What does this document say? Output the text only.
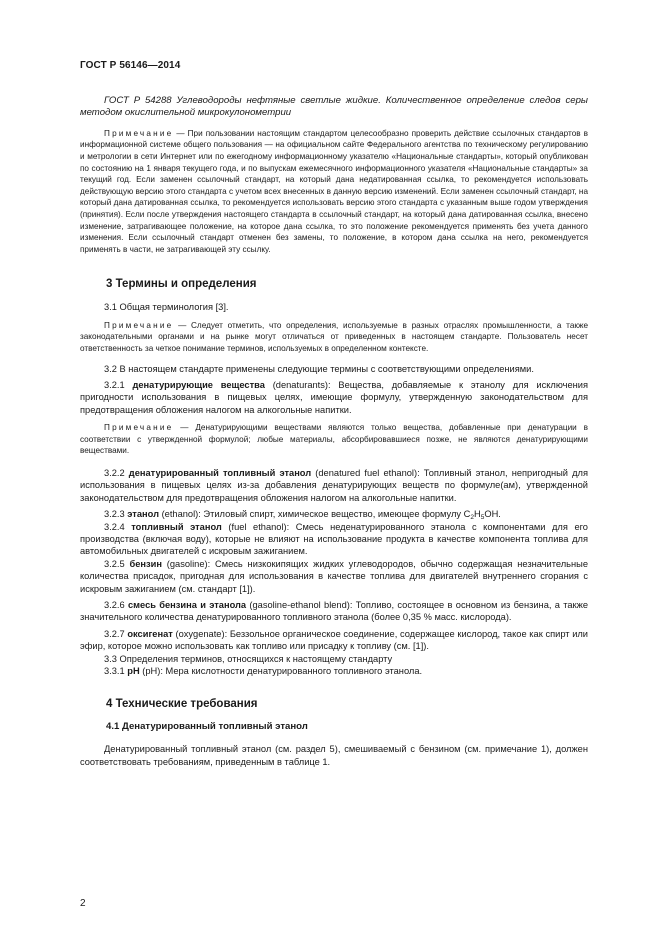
ГОСТ Р 56146—2014

ГОСТ Р 54288 Углеводороды нефтяные светлые жидкие. Количественное определение следов серы методом окислительной микрокулонометрии

Примечание — При пользовании настоящим стандартом целесообразно проверить действие ссылочных стандартов в информационной системе общего пользования — на официальном сайте Федерального агентства по техническому регулированию и метрологии в сети Интернет или по ежегодному информационному указателю «Национальные стандарты», который опубликован по состоянию на 1 января текущего года, и по выпускам ежемесячного информационного указателя «Национальные стандарты» за текущий год. Если заменен ссылочный стандарт, на который дана недатированная ссылка, то рекомендуется использовать действующую версию этого стандарта с учетом всех внесенных в данную версию изменений. Если заменен ссылочный стандарт, на который дана датированная ссылка, то рекомендуется использовать версию этого стандарта с указанным выше годом утверждения (принятия). Если после утверждения настоящего стандарта в ссылочный стандарт, на который дана датированная ссылка, внесено изменение, затрагивающее положение, на которое дана ссылка, то это положение рекомендуется применять без учета данного изменения. Если ссылочный стандарт отменен без замены, то положение, в котором дана ссылка на него, рекомендуется применять в части, не затрагивающей эту ссылку.

3 Термины и определения

3.1 Общая терминология [3].

Примечание — Следует отметить, что определения, используемые в разных отраслях промышленности, а также законодательными органами и на рынке могут отличаться от приведенных в настоящем стандарте. Пользователь несет ответственность за четкое понимание терминов, используемых в определенном контексте.

3.2 В настоящем стандарте применены следующие термины с соответствующими определениями.

3.2.1 денатурирующие вещества (denaturants): Вещества, добавляемые к этанолу для исключения пригодности использования в пищевых целях, имеющие формулу, утвержденную законодательством для предотвращения обложения налогом на алкогольные напитки.

Примечание — Денатурирующими веществами являются только вещества, добавленные при денатурации в соответствии с утвержденной формулой; любые материалы, абсорбировавшиеся позже, не являются денатурирующими веществами.

3.2.2 денатурированный топливный этанол (denatured fuel ethanol): Топливный этанол, непригодный для использования в пищевых целях из-за добавления денатурирующих веществ по формуле(ам), утвержденной законодательством для предотвращения обложения налогом на алкогольные напитки.

3.2.3 этанол (ethanol): Этиловый спирт, химическое вещество, имеющее формулу $C_2H_5OH$.

3.2.4 топливный этанол (fuel ethanol): Смесь неденатурированного этанола с компонентами для его производства (включая воду), которые не влияют на использование продукта в качестве компонента топлива для автомобильных двигателей с искровым зажиганием.

3.2.5 бензин (gasoline): Смесь низкокипящих жидких углеводородов, обычно содержащая незначительные количества присадок, пригодная для использования в качестве топлива для двигателей внутреннего сгорания с искровым зажиганием (см. стандарт [1]).

3.2.6 смесь бензина и этанола (gasoline-ethanol blend): Топливо, состоящее в основном из бензина, а также значительного количества денатурированного топливного этанола (более 0,35 % масс. кислорода).

3.2.7 оксигенат (oxygenate): Беззольное органическое соединение, содержащее кислород, такое как спирт или эфир, которое можно использовать как топливо или присадку к топливу (см. [1]).

3.3 Определения терминов, относящихся к настоящему стандарту

3.3.1 pH (pH): Мера кислотности денатурированного топливного этанола.

4 Технические требования

4.1 Денатурированный топливный этанол

Денатурированный топливный этанол (см. раздел 5), смешиваемый с бензином (см. примечание 1), должен соответствовать требованиям, приведенным в таблице 1.

2
